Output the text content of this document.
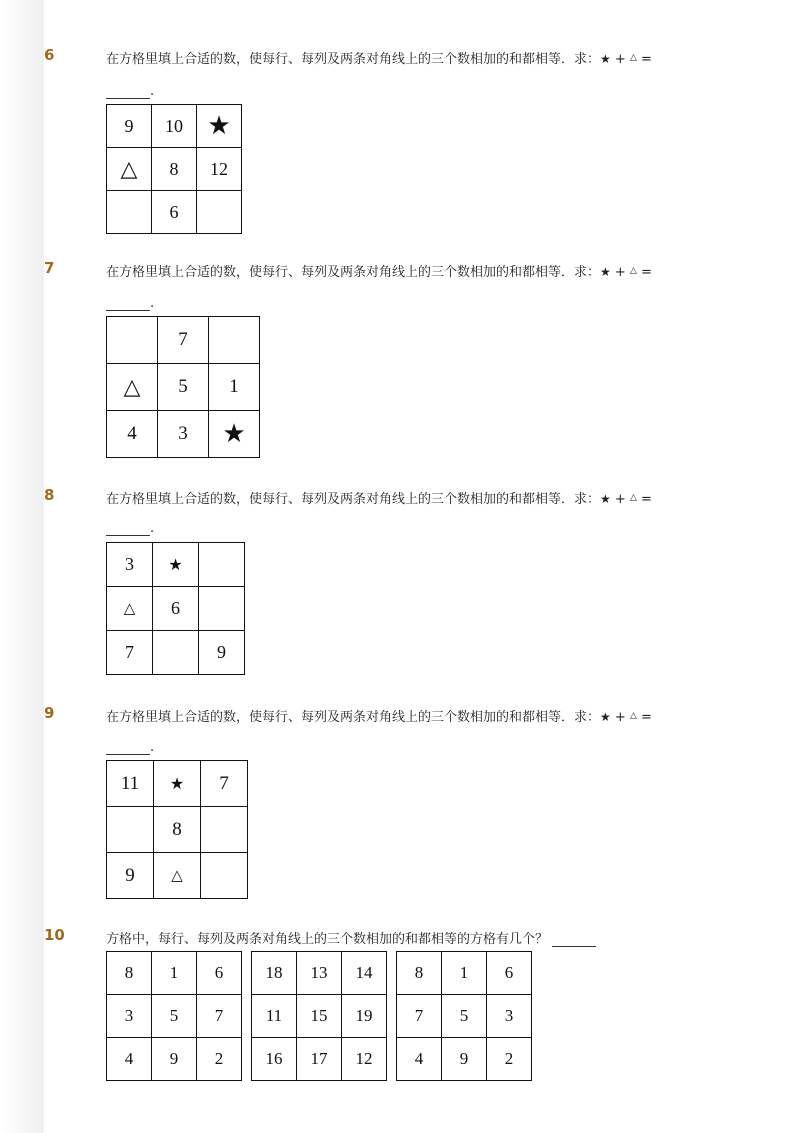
6	在方格里填上合适的数，使每行、每列及两条对角线上的三个数相加的和都相等．求：★ + △ =
.
9	10	★
△	8	12
	6	
7	在方格里填上合适的数，使每行、每列及两条对角线上的三个数相加的和都相等．求：★ + △ =
.
	7	
△	5	1
4	3	★
8	在方格里填上合适的数，使每行、每列及两条对角线上的三个数相加的和都相等．求：★ + △ =
.
3	★	
△	6	
7		9
9	在方格里填上合适的数，使每行、每列及两条对角线上的三个数相加的和都相等．求：★ + △ =
.
11	★	7
	8	
9	△	
10	方格中，每行、每列及两条对角线上的三个数相加的和都相等的方格有几个？
8	1	6
3	5	7
4	9	2
18	13	14
11	15	19
16	17	12
8	1	6
7	5	3
4	9	2
